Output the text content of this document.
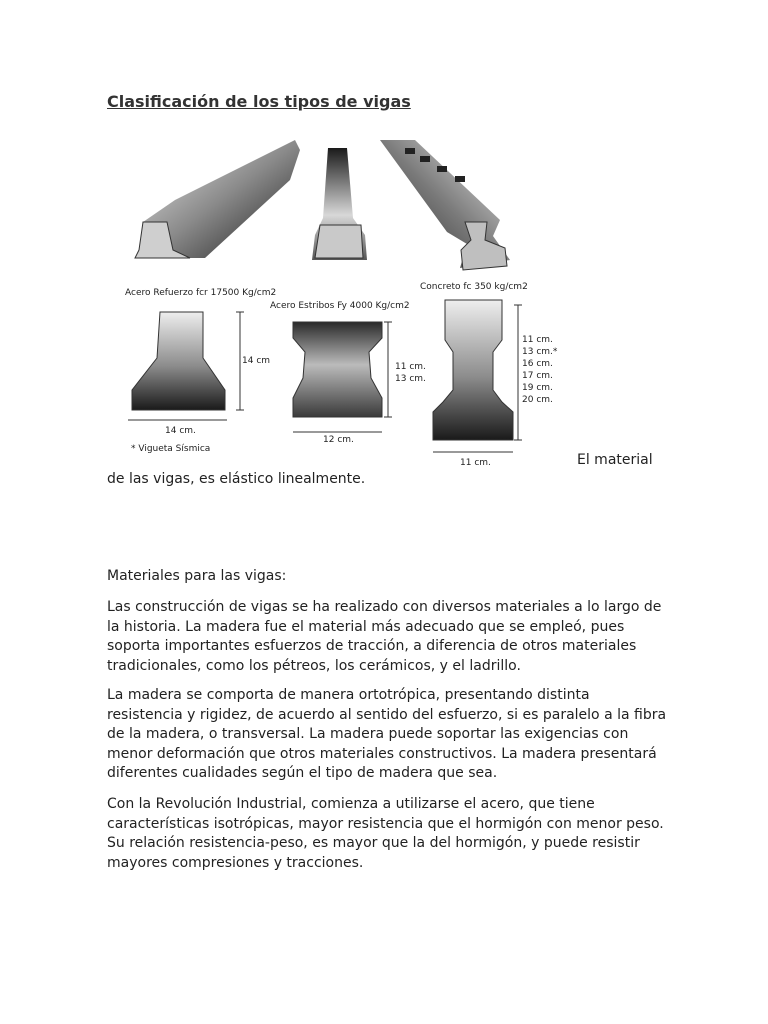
Clasificación de los tipos de vigas
Acero Refuerzo fcr 17500 Kg/cm2
Acero Estribos Fy 4000 Kg/cm2
Concreto fc 350 kg/cm2
14 cm
14 cm.
* Vigueta Sísmica
11 cm.
13 cm.
12 cm.
11 cm.
13 cm.*
16 cm.
17 cm.
19 cm.
20 cm.
11 cm.	El material
de las vigas, es elástico linealmente.

Materiales para las vigas:

Las construcción de vigas se ha realizado con diversos materiales a lo largo de la historia. La madera fue el material más adecuado que se empleó, pues soporta importantes esfuerzos de tracción, a diferencia de otros materiales tradicionales, como los pétreos, los cerámicos, y el ladrillo.

La madera se comporta de manera ortotrópica, presentando distinta resistencia y rigidez, de acuerdo al sentido del esfuerzo, si es paralelo a la fibra de la madera, o transversal. La madera puede soportar las exigencias con menor deformación que otros materiales constructivos. La madera presentará diferentes cualidades según el tipo de madera que sea.

Con la Revolución Industrial, comienza a utilizarse el acero, que tiene características isotrópicas, mayor resistencia que el hormigón con menor peso. Su relación resistencia-peso, es mayor que la del hormigón, y puede resistir mayores compresiones y tracciones.
